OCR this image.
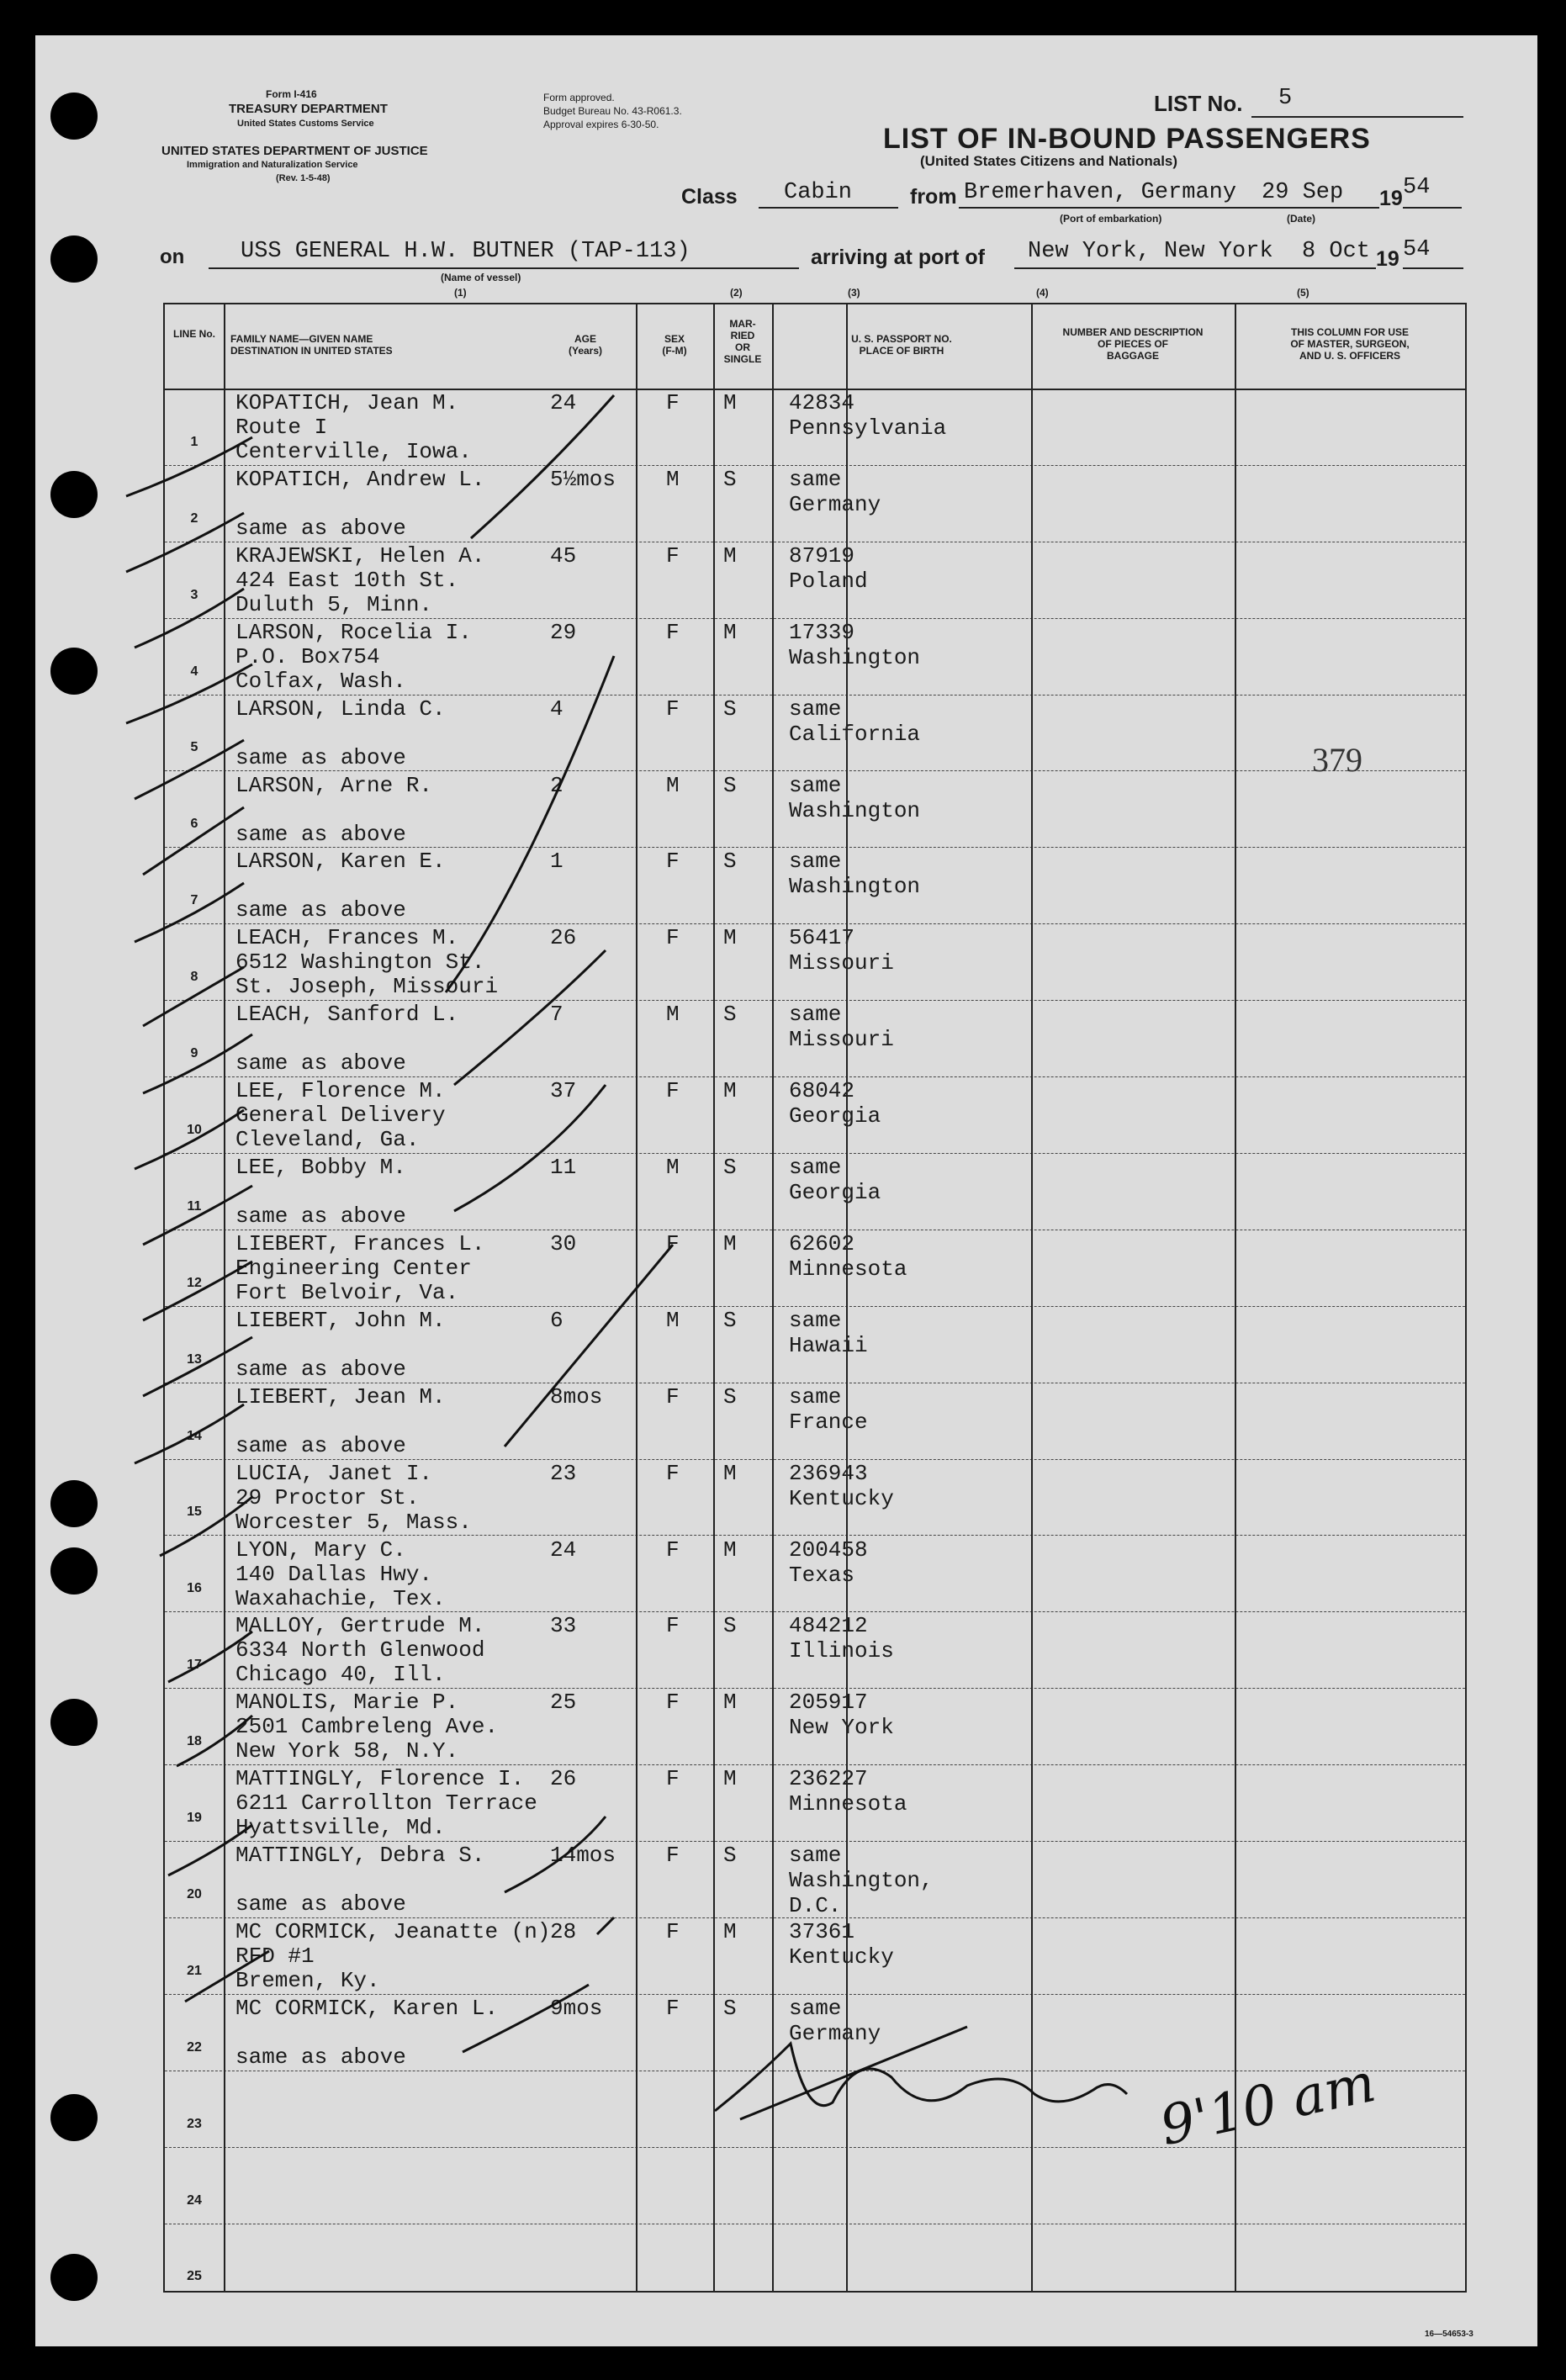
Form I-416
TREASURY DEPARTMENT
United States Customs Service
UNITED STATES DEPARTMENT OF JUSTICE
Immigration and Naturalization Service
(Rev. 1-5-48)
Form approved.
Budget Bureau No. 43-R061.3.
Approval expires 6-30-50.
LIST No. 5
LIST OF IN-BOUND PASSENGERS
(United States Citizens and Nationals)
Class Cabin	from Bremerhaven, Germany 29 Sep 19 54
(Port of embarkation)	(Date)
on USS GENERAL H.W. BUTNER (TAP-113)
(Name of vessel)
arriving at port of New York, New York 8 Oct 19 54
(1)	(2)	(3)	(4)	(5)
LINE No.	FAMILY NAME—GIVEN NAME
DESTINATION IN UNITED STATES
AGE
(Years)
SEX
(F-M)
MAR-
RIED
OR
SINGLE
U. S. PASSPORT NO.
PLACE OF BIRTH
NUMBER AND DESCRIPTION
OF PIECES OF
BAGGAGE
THIS COLUMN FOR USE
OF MASTER, SURGEON,
AND U. S. OFFICERS
1
KOPATICH, Jean M.
Route I
Centerville, Iowa.
24	F M 42834
Pennsylvania
2
KOPATICH, Andrew L.
same as above
5½mos M S same
Germany
3
KRAJEWSKI, Helen A.
424 East 10th St.
Duluth 5, Minn.
45	F M 87919
Poland
4
LARSON, Rocelia I.
P.O. Box754
Colfax, Wash.
29	F M 17339
Washington
5
LARSON, Linda C.
same as above
4	F S same
California
6
LARSON, Arne R.
same as above
2	M S same
Washington
7
LARSON, Karen E.
same as above
1	F S same
Washington
8
LEACH, Frances M.
6512 Washington St.
St. Joseph, Missouri
26	F M 56417
Missouri
9
LEACH, Sanford L.
same as above
7	M S same
Missouri
10
LEE, Florence M.
General Delivery
Cleveland, Ga.
37	F M 68042
Georgia
11
LEE, Bobby M.
same as above
11	M S same
Georgia
12
LIEBERT, Frances L.
Engineering Center
Fort Belvoir, Va.
30	F M 62602
Minnesota
13
LIEBERT, John M.
same as above
6	M S same
Hawaii
14
LIEBERT, Jean M.
same as above
8mos	F S same
France
15
LUCIA, Janet I.
29 Proctor St.
Worcester 5, Mass.
23	F M 236943
Kentucky
16
LYON, Mary C.
140 Dallas Hwy.
Waxahachie, Tex.
24	F M 200458
Texas
17
MALLOY, Gertrude M.
6334 North Glenwood
Chicago 40, Ill.
33	F S 484212
Illinois
18
MANOLIS, Marie P.
2501 Cambreleng Ave.
New York 58, N.Y.
25	F M 205917
New York
19
MATTINGLY, Florence I.
6211 Carrollton Terrace
Hyattsville, Md.
26	F M 236227
Minnesota
20
MATTINGLY, Debra S.
same as above
14mos F S same
Washington,
D.C.
21
MC CORMICK, Jeanatte (n)
RFD #1
Bremen, Ky.
28	F M 37361
Kentucky
22
MC CORMICK, Karen L.
same as above
9mos	F S same
Germany
23
24
25
379
9'10 am
16—54653-3
